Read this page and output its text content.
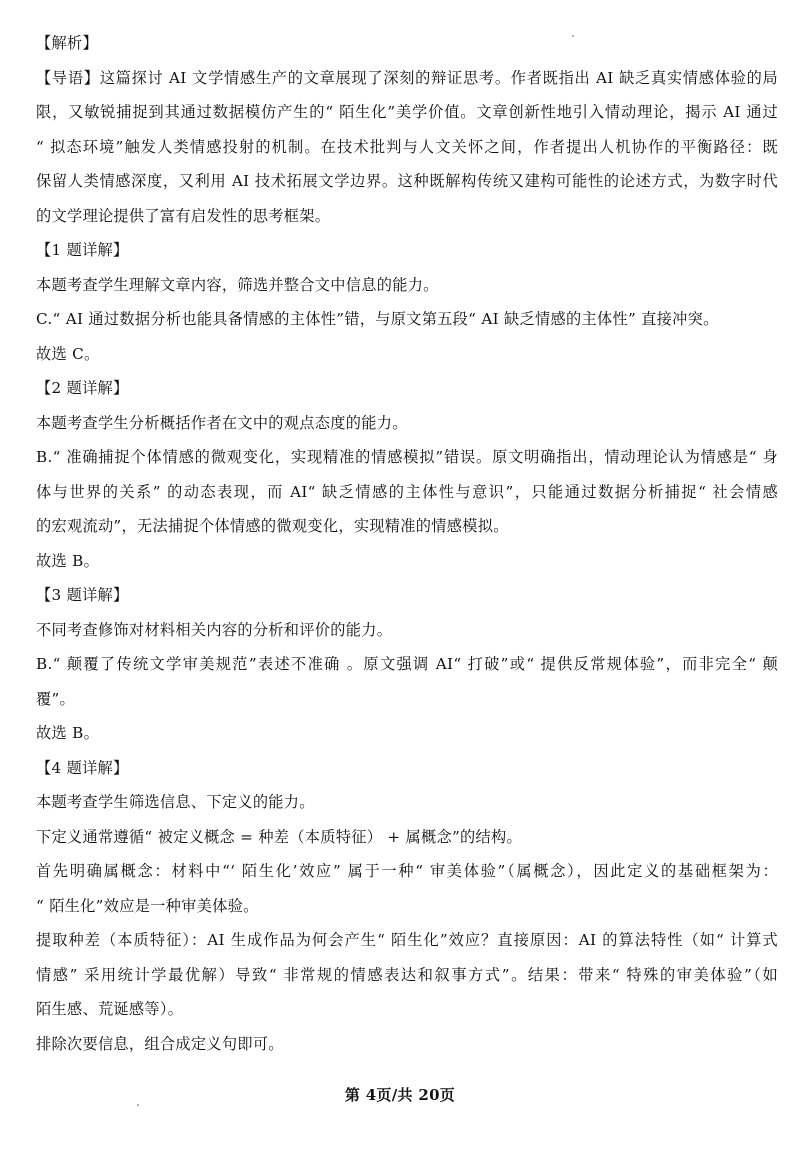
【解析】

【导语】这篇探讨 AI 文学情感生产的文章展现了深刻的辩证思考。作者既指出 AI 缺乏真实情感体验的局

限，又敏锐捕捉到其通过数据模仿产生的“ 陌生化”美学价值。文章创新性地引入情动理论，揭示 AI 通过

“ 拟态环境”触发人类情感投射的机制。在技术批判与人文关怀之间，作者提出人机协作的平衡路径：既

保留人类情感深度，又利用 AI 技术拓展文学边界。这种既解构传统又建构可能性的论述方式，为数字时代

的文学理论提供了富有启发性的思考框架。

【1 题详解】

本题考查学生理解文章内容，筛选并整合文中信息的能力。

C.“ AI 通过数据分析也能具备情感的主体性”错，与原文第五段“ AI 缺乏情感的主体性” 直接冲突。

故选 C。

【2 题详解】

本题考查学生分析概括作者在文中的观点态度的能力。

B.“ 准确捕捉个体情感的微观变化，实现精准的情感模拟”错误。原文明确指出，情动理论认为情感是“ 身

体与世界的关系” 的动态表现，而 AI“ 缺乏情感的主体性与意识”，只能通过数据分析捕捉“ 社会情感

的宏观流动”，无法捕捉个体情感的微观变化，实现精准的情感模拟。

故选 B。

【3 题详解】

不同考查修饰对材料相关内容的分析和评价的能力。

B.“ 颠覆了传统文学审美规范”表述不准确 。原文强调 AI“ 打破”或“ 提供反常规体验”，而非完全“ 颠

覆”。

故选 B。

【4 题详解】

本题考查学生筛选信息、下定义的能力。

下定义通常遵循“ 被定义概念 = 种差（本质特征） + 属概念”的结构。

首先明确属概念：材料中“‘ 陌生化’效应” 属于一种“ 审美体验”（属概念），因此定义的基础框架为：

“ 陌生化”效应是一种审美体验。

提取种差（本质特征）：AI 生成作品为何会产生“ 陌生化”效应？直接原因：AI 的算法特性（如“ 计算式

情感” 采用统计学最优解）导致“ 非常规的情感表达和叙事方式”。结果：带来“ 特殊的审美体验”（如

陌生感、荒诞感等）。

排除次要信息，组合成定义句即可。

第 4页/共 20页
